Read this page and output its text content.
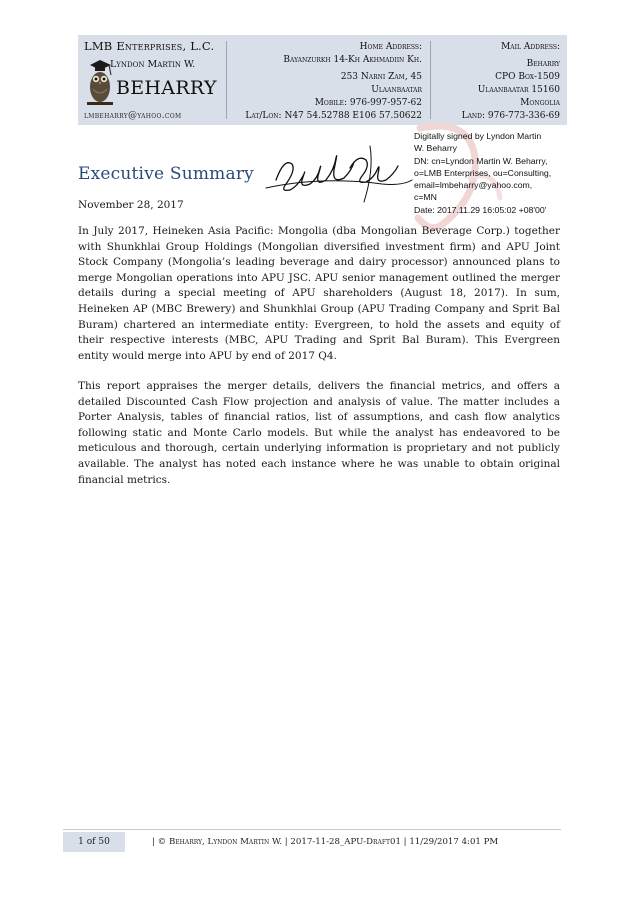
LMB Enterprises, L.C.
Lyndon Martin W.
BEHARRY
lmbeharry@yahoo.com
Home Address:
Bayanzurkh 14-Kh Akhmadiin Kh.
253 Narni Zam, 45
Ulaanbaatar
Mobile: 976-997-957-62
Lat/Lon: N47 54.52788 E106 57.50622
Mail Address:
Beharry
CPO Box-1509
Ulaanbaatar 15160
Mongolia
Land: 976-773-336-69
Executive Summary
Digitally signed by Lyndon Martin
W. Beharry
DN: cn=Lyndon Martin W. Beharry,
o=LMB Enterprises, ou=Consulting,
email=lmbeharry@yahoo.com,
c=MN
Date: 2017.11.29 16:05:02 +08'00'
November 28, 2017

In July 2017, Heineken Asia Pacific: Mongolia (dba Mongolian Beverage Corp.) together with Shunkhlai Group Holdings (Mongolian diversified investment firm) and APU Joint Stock Company (Mongolia’s leading beverage and dairy processor) announced plans to merge Mongolian operations into APU JSC. APU senior management outlined the merger details during a special meeting of APU shareholders (August 18, 2017). In sum, Heineken AP (MBC Brewery) and Shunkhlai Group (APU Trading Company and Sprit Bal Buram) chartered an intermediate entity: Evergreen, to hold the assets and equity of their respective interests (MBC, APU Trading and Sprit Bal Buram). This Evergreen entity would merge into APU by end of 2017 Q4.

This report appraises the merger details, delivers the financial metrics, and offers a detailed Discounted Cash Flow projection and analysis of value. The matter includes a Porter Analysis, tables of financial ratios, list of assumptions, and cash flow analytics following static and Monte Carlo models. But while the analyst has endeavored to be meticulous and thorough, certain underlying information is proprietary and not publicly available. The analyst has noted each instance where he was unable to obtain original financial metrics.

1 of 50	| © Beharry, Lyndon Martin W. | 2017-11-28_APU-Draft01 | 11/29/2017 4:01 PM
